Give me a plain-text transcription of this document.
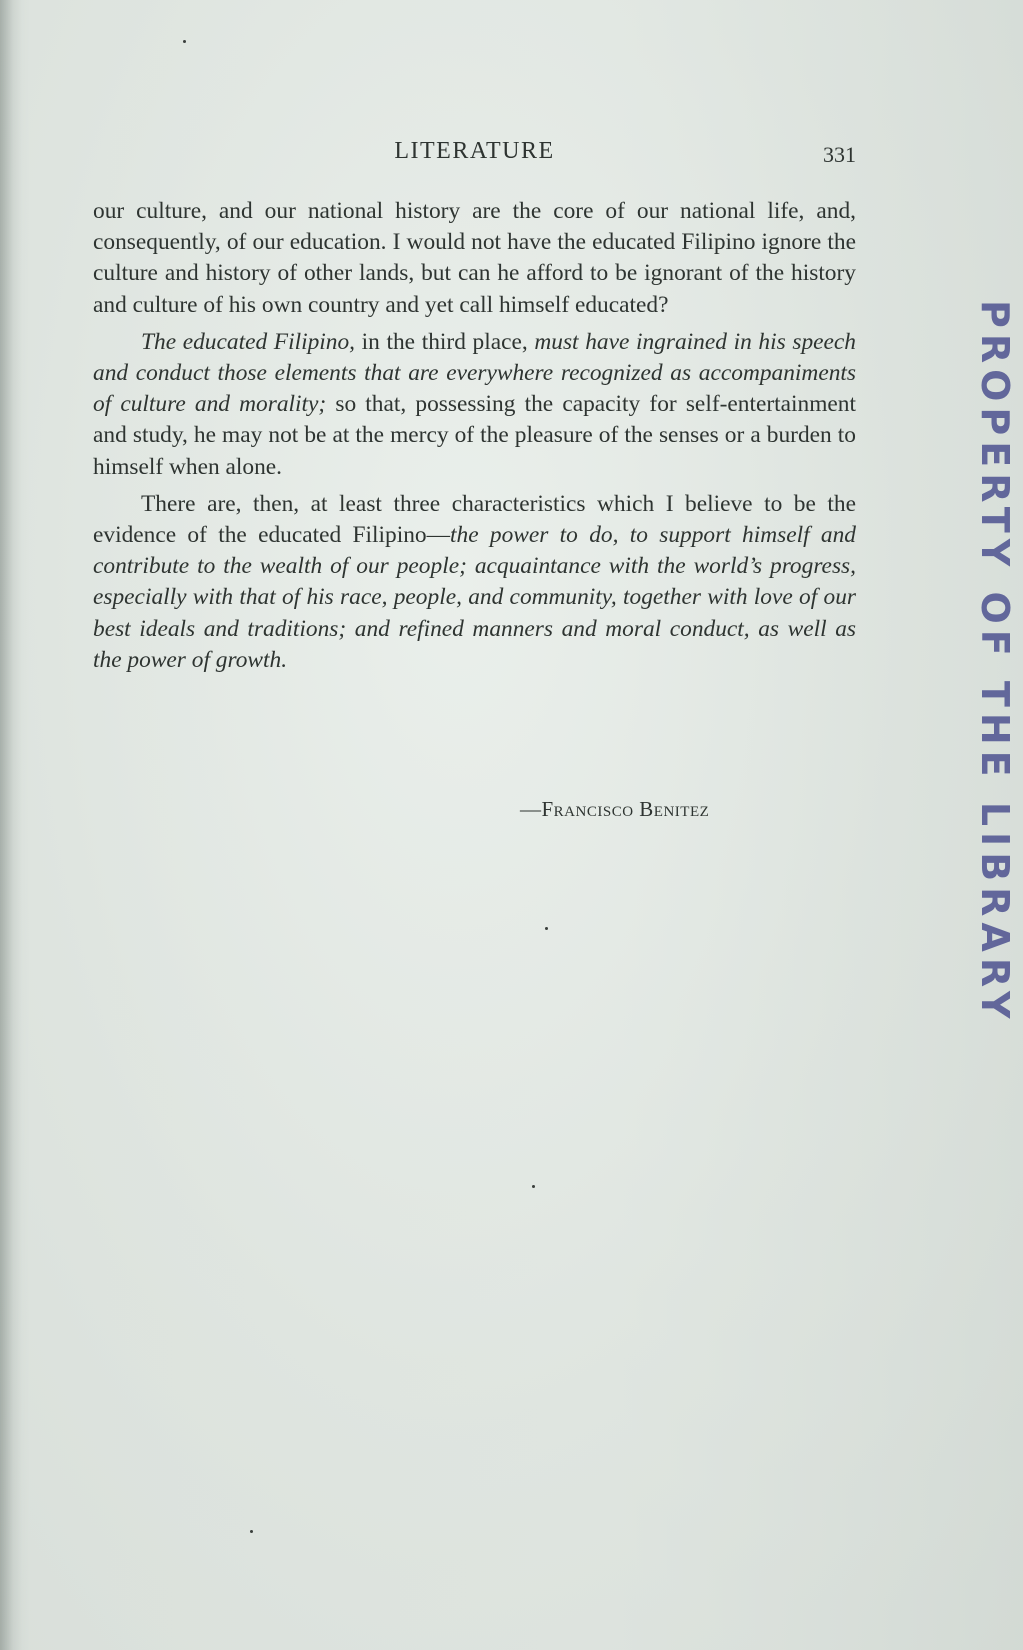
LITERATURE	331

our culture, and our national history are the core of our national life, and, consequently, of our education. I would not have the educated Filipino ignore the culture and history of other lands, but can he afford to be ignorant of the history and culture of his own country and yet call himself educated?

The educated Filipino, in the third place, must have ingrained in his speech and conduct those elements that are everywhere recognized as accompaniments of culture and morality; so that, possessing the capacity for self-entertainment and study, he may not be at the mercy of the pleasure of the senses or a burden to himself when alone.

There are, then, at least three characteristics which I believe to be the evidence of the educated Filipino—the power to do, to support himself and contribute to the wealth of our people; acquaintance with the world’s progress, especially with that of his race, people, and community, together with love of our best ideals and traditions; and refined manners and moral conduct, as well as the power of growth.

—Francisco Benitez	PROPERTY OF THE LIBRARY
